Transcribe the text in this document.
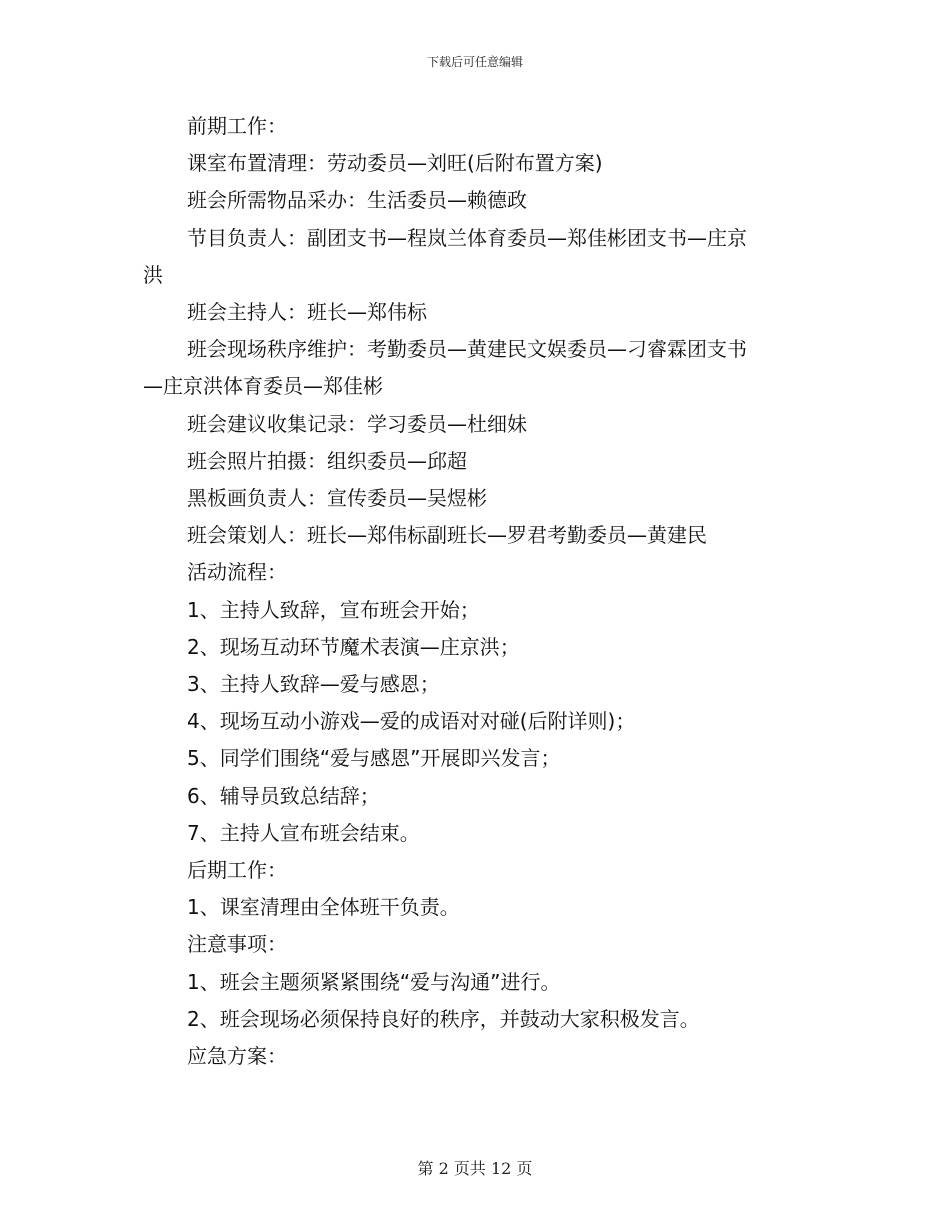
下载后可任意编辑
前期工作：
课室布置清理：劳动委员—刘旺(后附布置方案)
班会所需物品采办：生活委员—赖德政
节目负责人：副团支书—程岚兰体育委员—郑佳彬团支书—庄京
洪
班会主持人：班长—郑伟标
班会现场秩序维护：考勤委员—黄建民文娱委员—刁睿霖团支书
—庄京洪体育委员—郑佳彬
班会建议收集记录：学习委员—杜细妹
班会照片拍摄：组织委员—邱超
黑板画负责人：宣传委员—吴煜彬
班会策划人：班长—郑伟标副班长—罗君考勤委员—黄建民
活动流程：
1、主持人致辞，宣布班会开始；
2、现场互动环节魔术表演—庄京洪；
3、主持人致辞—爱与感恩；
4、现场互动小游戏—爱的成语对对碰(后附详则)；
5、同学们围绕“爱与感恩”开展即兴发言；
6、辅导员致总结辞；
7、主持人宣布班会结束。
后期工作：
1、课室清理由全体班干负责。
注意事项：
1、班会主题须紧紧围绕“爱与沟通”进行。
2、班会现场必须保持良好的秩序，并鼓动大家积极发言。
应急方案：
第 2 页共 12 页
